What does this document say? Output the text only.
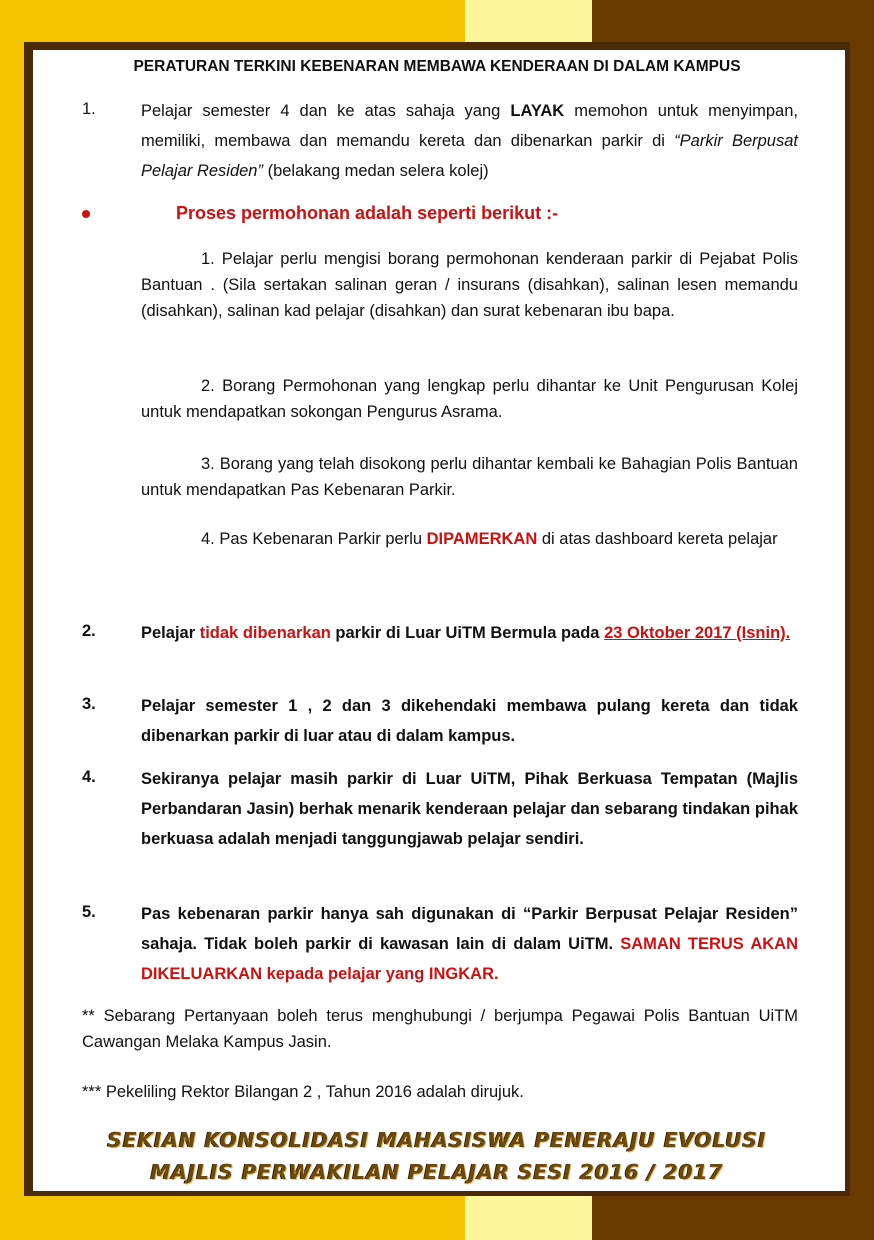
PERATURAN TERKINI KEBENARAN MEMBAWA KENDERAAN DI DALAM KAMPUS
1.	Pelajar semester 4 dan ke atas sahaja yang LAYAK memohon untuk menyimpan, memiliki, membawa dan memandu kereta dan dibenarkan parkir di “Parkir Berpusat Pelajar Residen” (belakang medan selera kolej)
Proses permohonan adalah seperti berikut :-
1. Pelajar perlu mengisi borang permohonan kenderaan parkir di Pejabat Polis Bantuan . (Sila sertakan salinan geran / insurans (disahkan), salinan lesen memandu (disahkan), salinan kad pelajar (disahkan) dan surat kebenaran ibu bapa.
2. Borang Permohonan yang lengkap perlu dihantar ke Unit Pengurusan Kolej untuk mendapatkan sokongan Pengurus Asrama.
3. Borang yang telah disokong perlu dihantar kembali ke Bahagian Polis Bantuan untuk mendapatkan Pas Kebenaran Parkir.
4. Pas Kebenaran Parkir perlu DIPAMERKAN di atas dashboard kereta pelajar
2.	Pelajar tidak dibenarkan parkir di Luar UiTM Bermula pada 23 Oktober 2017 (Isnin).
3.	Pelajar semester 1 , 2 dan 3 dikehendaki membawa pulang kereta dan tidak dibenarkan parkir di luar atau di dalam kampus.
4.	Sekiranya pelajar masih parkir di Luar UiTM, Pihak Berkuasa Tempatan (Majlis Perbandaran Jasin) berhak menarik kenderaan pelajar dan sebarang tindakan pihak berkuasa adalah menjadi tanggungjawab pelajar sendiri.
5.	Pas kebenaran parkir hanya sah digunakan di “Parkir Berpusat Pelajar Residen” sahaja. Tidak boleh parkir di kawasan lain di dalam UiTM. SAMAN TERUS AKAN DIKELUARKAN kepada pelajar yang INGKAR.
** Sebarang Pertanyaan boleh terus menghubungi / berjumpa Pegawai Polis Bantuan UiTM Cawangan Melaka Kampus Jasin.
*** Pekeliling Rektor Bilangan 2 , Tahun 2016 adalah dirujuk.
SEKIAN KONSOLIDASI MAHASISWA PENERAJU EVOLUSI
MAJLIS PERWAKILAN PELAJAR SESI 2016 / 2017
